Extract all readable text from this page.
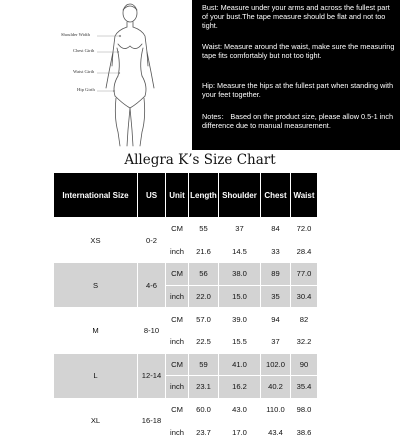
Shoulder Width
Chest Girth
Waist Girth
Hip Girth
Bust: Measure under your arms and across the fullest part of your bust.The tape measure should be flat and not too tight.
Waist: Measure around the waist, make sure the measuring tape fits comfortably but not too tight.
Hip: Measure the hips at the fullest part when standing with your feet together.
Notes： Based on the product size, please allow 0.5-1 inch difference due to manual measurement.
Allegra K’s Size Chart
International Size	US	Unit	Length	Shoulder	Chest	Waist
XS	0-2	CM	55	37	84	72.0
		inch	21.6	14.5	33	28.4
S	4-6	CM	56	38.0	89	77.0
		inch	22.0	15.0	35	30.4
M	8-10	CM	57.0	39.0	94	82
		inch	22.5	15.5	37	32.2
L	12-14	CM	59	41.0	102.0	90
		inch	23.1	16.2	40.2	35.4
XL	16-18	CM	60.0	43.0	110.0	98.0
		inch	23.7	17.0	43.4	38.6
